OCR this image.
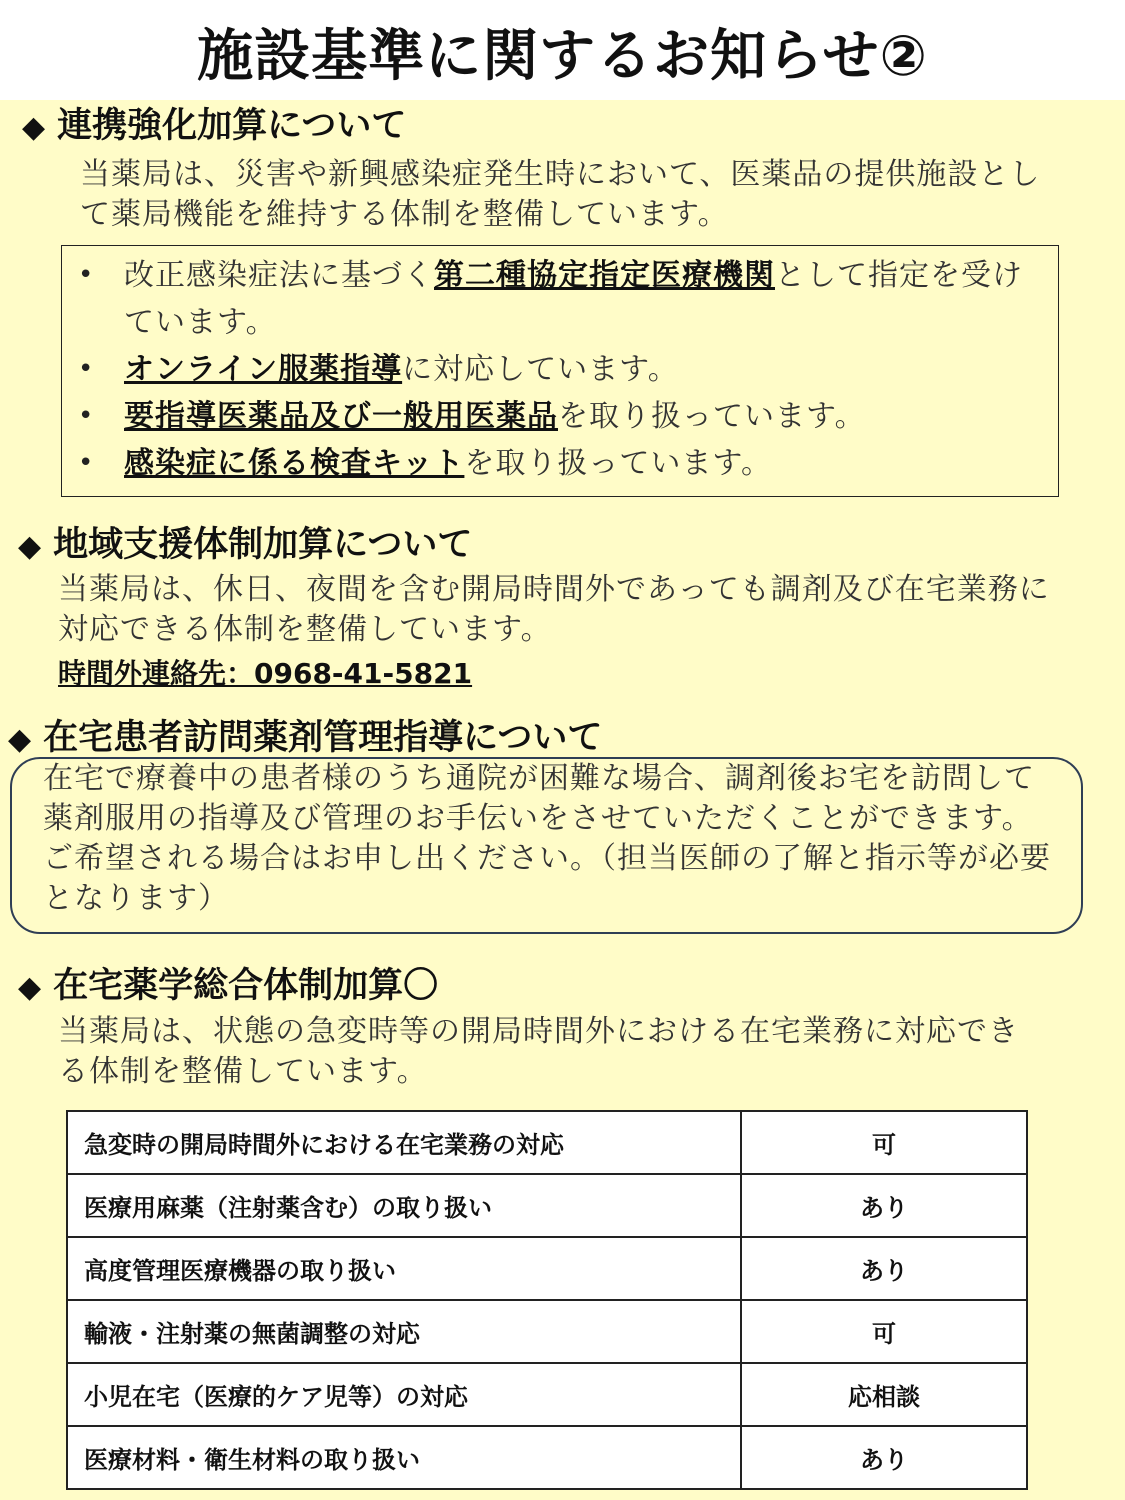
施設基準に関するお知らせ②
◆ 連携強化加算について
当薬局は、災害や新興感染症発生時において、医薬品の提供施設として薬局機能を維持する体制を整備しています。
• 改正感染症法に基づく第二種協定指定医療機関として指定を受けています。
• オンライン服薬指導に対応しています。
• 要指導医薬品及び一般用医薬品を取り扱っています。
• 感染症に係る検査キットを取り扱っています。
◆ 地域支援体制加算について
当薬局は、休日、夜間を含む開局時間外であっても調剤及び在宅業務に対応できる体制を整備しています。
時間外連絡先：0968-41-5821
◆ 在宅患者訪問薬剤管理指導について
在宅で療養中の患者様のうち通院が困難な場合、調剤後お宅を訪問して薬剤服用の指導及び管理のお手伝いをさせていただくことができます。ご希望される場合はお申し出ください。（担当医師の了解と指示等が必要となります）
◆ 在宅薬学総合体制加算〇
当薬局は、状態の急変時等の開局時間外における在宅業務に対応できる体制を整備しています。
急変時の開局時間外における在宅業務の対応	可
医療用麻薬（注射薬含む）の取り扱い	あり
高度管理医療機器の取り扱い	あり
輸液・注射薬の無菌調整の対応	可
小児在宅（医療的ケア児等）の対応	応相談
医療材料・衛生材料の取り扱い	あり
